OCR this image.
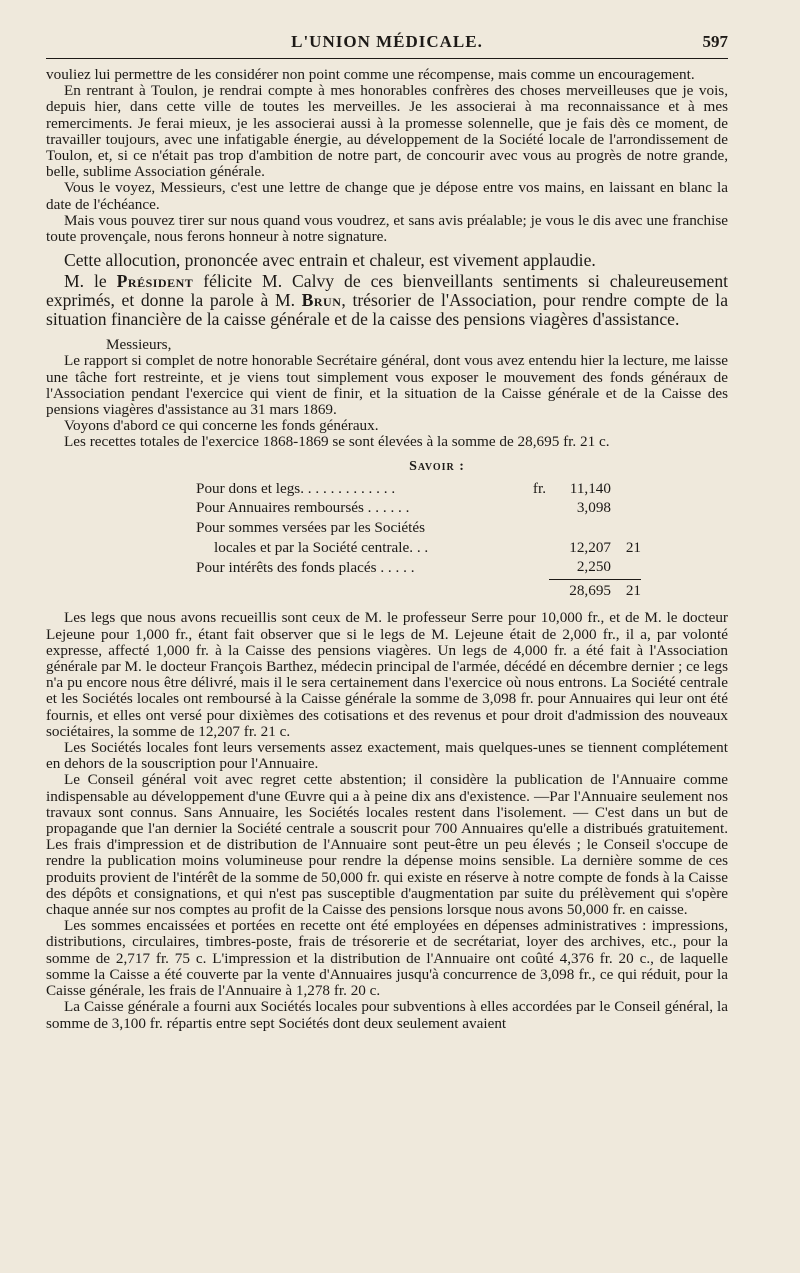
L'UNION MÉDICALE.	597

vouliez lui permettre de les considérer non point comme une récompense, mais comme un encouragement.

En rentrant à Toulon, je rendrai compte à mes honorables confrères des choses merveilleuses que je vois, depuis hier, dans cette ville de toutes les merveilles. Je les associerai à ma reconnaissance et à mes remerciments. Je ferai mieux, je les associerai aussi à la promesse solennelle, que je fais dès ce moment, de travailler toujours, avec une infatigable énergie, au développement de la Société locale de l'arrondissement de Toulon, et, si ce n'était pas trop d'ambition de notre part, de concourir avec vous au progrès de notre grande, belle, sublime Association générale.

Vous le voyez, Messieurs, c'est une lettre de change que je dépose entre vos mains, en laissant en blanc la date de l'échéance.

Mais vous pouvez tirer sur nous quand vous voudrez, et sans avis préalable; je vous le dis avec une franchise toute provençale, nous ferons honneur à notre signature.

Cette allocution, prononcée avec entrain et chaleur, est vivement applaudie.

M. le Président félicite M. Calvy de ces bienveillants sentiments si chaleureusement exprimés, et donne la parole à M. Brun, trésorier de l'Association, pour rendre compte de la situation financière de la caisse générale et de la caisse des pensions viagères d'assistance.

Messieurs,

Le rapport si complet de notre honorable Secrétaire général, dont vous avez entendu hier la lecture, me laisse une tâche fort restreinte, et je viens tout simplement vous exposer le mouvement des fonds généraux de l'Association pendant l'exercice qui vient de finir, et la situation de la Caisse générale et de la Caisse des pensions viagères d'assistance au 31 mars 1869.

Voyons d'abord ce qui concerne les fonds généraux.

Les recettes totales de l'exercice 1868-1869 se sont élevées à la somme de 28,695 fr. 21 c.

Savoir :

Pour dons et legs. . . . . . . . . . . . .	fr.	11,140	
Pour Annuaires remboursés . . . . . .		3,098	
Pour sommes versées par les Sociétés			
locales et par la Société centrale. . .		12,207	21
Pour intérêts des fonds placés . . . . .		2,250	
		28,695	21

Les legs que nous avons recueillis sont ceux de M. le professeur Serre pour 10,000 fr., et de M. le docteur Lejeune pour 1,000 fr., étant fait observer que si le legs de M. Lejeune était de 2,000 fr., il a, par volonté expresse, affecté 1,000 fr. à la Caisse des pensions viagères. Un legs de 4,000 fr. a été fait à l'Association générale par M. le docteur François Barthez, médecin principal de l'armée, décédé en décembre dernier ; ce legs n'a pu encore nous être délivré, mais il le sera certainement dans l'exercice où nous entrons. La Société centrale et les Sociétés locales ont remboursé à la Caisse générale la somme de 3,098 fr. pour Annuaires qui leur ont été fournis, et elles ont versé pour dixièmes des cotisations et des revenus et pour droit d'admission des nouveaux sociétaires, la somme de 12,207 fr. 21 c.

Les Sociétés locales font leurs versements assez exactement, mais quelques-unes se tiennent complétement en dehors de la souscription pour l'Annuaire.

Le Conseil général voit avec regret cette abstention; il considère la publication de l'Annuaire comme indispensable au développement d'une Œuvre qui a à peine dix ans d'existence. —Par l'Annuaire seulement nos travaux sont connus. Sans Annuaire, les Sociétés locales restent dans l'isolement. — C'est dans un but de propagande que l'an dernier la Société centrale a souscrit pour 700 Annuaires qu'elle a distribués gratuitement. Les frais d'impression et de distribution de l'Annuaire sont peut-être un peu élevés ; le Conseil s'occupe de rendre la publication moins volumineuse pour rendre la dépense moins sensible. La dernière somme de ces produits provient de l'intérêt de la somme de 50,000 fr. qui existe en réserve à notre compte de fonds à la Caisse des dépôts et consignations, et qui n'est pas susceptible d'augmentation par suite du prélèvement qui s'opère chaque année sur nos comptes au profit de la Caisse des pensions lorsque nous avons 50,000 fr. en caisse.

Les sommes encaissées et portées en recette ont été employées en dépenses administratives : impressions, distributions, circulaires, timbres-poste, frais de trésorerie et de secrétariat, loyer des archives, etc., pour la somme de 2,717 fr. 75 c. L'impression et la distribution de l'Annuaire ont coûté 4,376 fr. 20 c., de laquelle somme la Caisse a été couverte par la vente d'Annuaires jusqu'à concurrence de 3,098 fr., ce qui réduit, pour la Caisse générale, les frais de l'Annuaire à 1,278 fr. 20 c.

La Caisse générale a fourni aux Sociétés locales pour subventions à elles accordées par le Conseil général, la somme de 3,100 fr. répartis entre sept Sociétés dont deux seulement avaient
